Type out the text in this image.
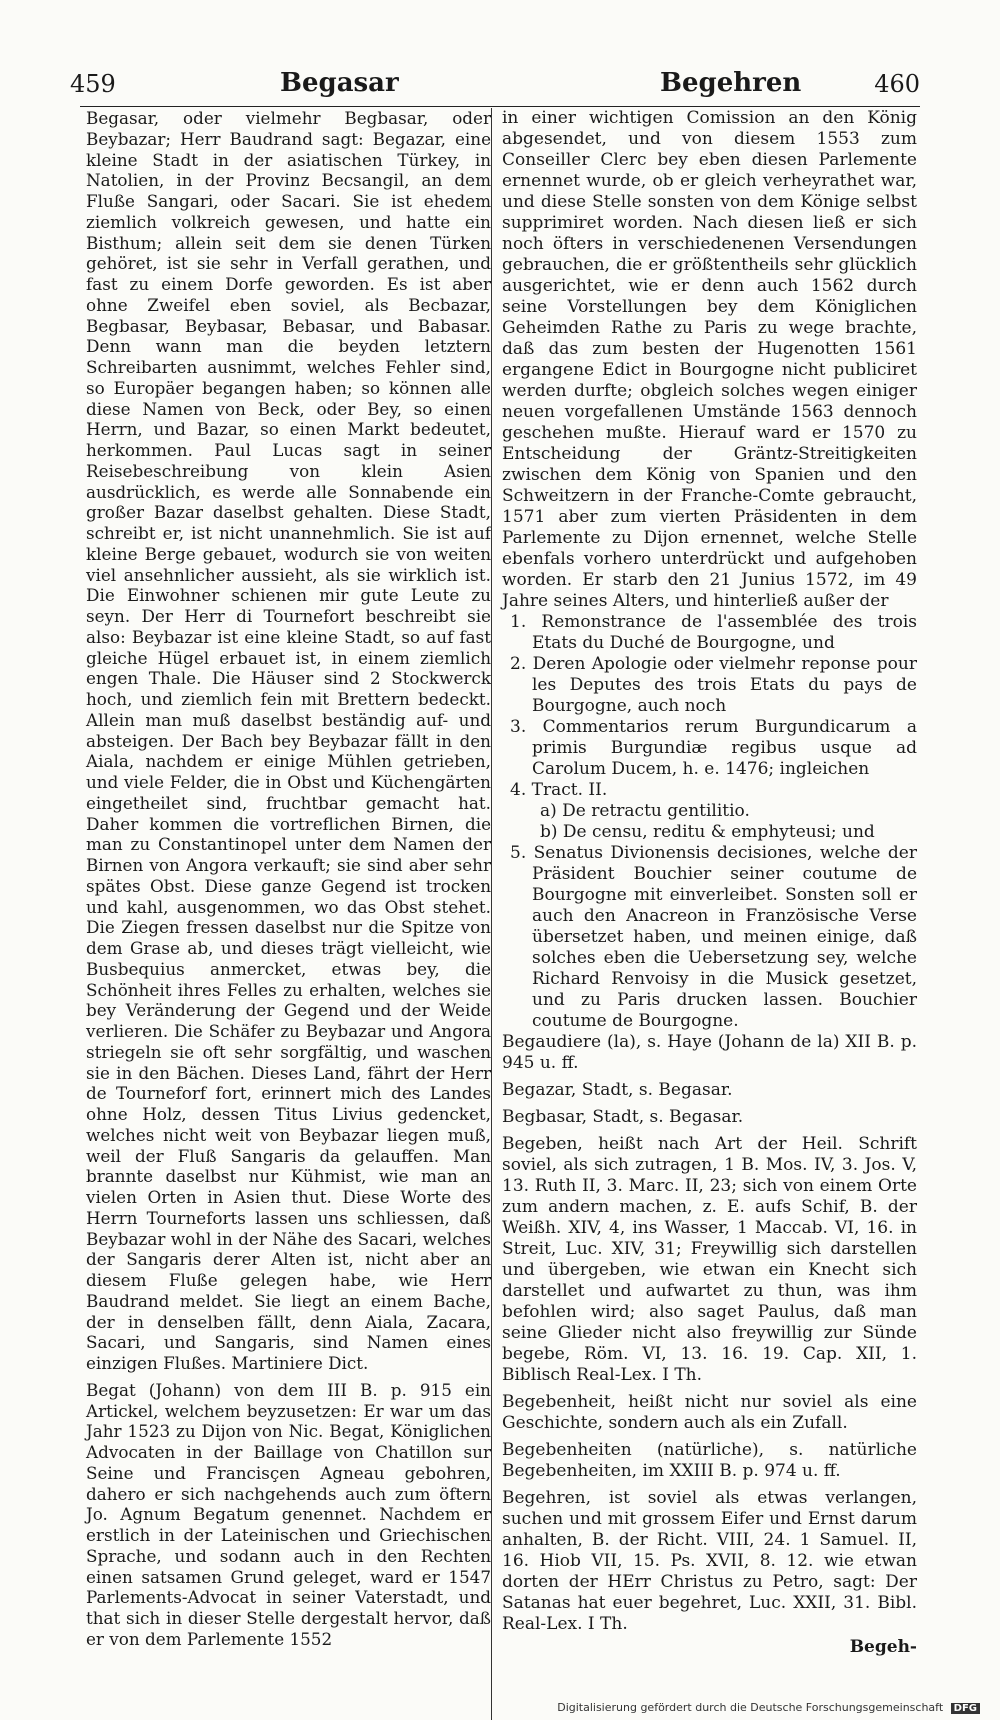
459	Begasar	Begehren	460

Begasar, oder vielmehr Begbasar, oder Beybazar; Herr Baudrand sagt: Begazar, eine kleine Stadt in der asiatischen Türkey, in Natolien, in der Provinz Becsangil, an dem Fluße Sangari, oder Sacari. Sie ist ehedem ziemlich volkreich gewesen, und hatte ein Bisthum; allein seit dem sie denen Türken gehöret, ist sie sehr in Verfall gerathen, und fast zu einem Dorfe geworden. Es ist aber ohne Zweifel eben soviel, als Becbazar, Begbasar, Beybasar, Bebasar, und Babasar. Denn wann man die beyden letztern Schreibarten ausnimmt, welches Fehler sind, so Europäer begangen haben; so können alle diese Namen von Beck, oder Bey, so einen Herrn, und Bazar, so einen Markt bedeutet, herkommen. Paul Lucas sagt in seiner Reisebeschreibung von klein Asien ausdrücklich, es werde alle Sonnabende ein großer Bazar daselbst gehalten. Diese Stadt, schreibt er, ist nicht unannehmlich. Sie ist auf kleine Berge gebauet, wodurch sie von weiten viel ansehnlicher aussieht, als sie wirklich ist. Die Einwohner schienen mir gute Leute zu seyn. Der Herr di Tournefort beschreibt sie also: Beybazar ist eine kleine Stadt, so auf fast gleiche Hügel erbauet ist, in einem ziemlich engen Thale. Die Häuser sind 2 Stockwerck hoch, und ziemlich fein mit Brettern bedeckt. Allein man muß daselbst beständig auf- und absteigen. Der Bach bey Beybazar fällt in den Aiala, nachdem er einige Mühlen getrieben, und viele Felder, die in Obst und Küchengärten eingetheilet sind, fruchtbar gemacht hat. Daher kommen die vortreflichen Birnen, die man zu Constantinopel unter dem Namen der Birnen von Angora verkauft; sie sind aber sehr spätes Obst. Diese ganze Gegend ist trocken und kahl, ausgenommen, wo das Obst stehet. Die Ziegen fressen daselbst nur die Spitze von dem Grase ab, und dieses trägt vielleicht, wie Busbequius anmercket, etwas bey, die Schönheit ihres Felles zu erhalten, welches sie bey Veränderung der Gegend und der Weide verlieren. Die Schäfer zu Beybazar und Angora striegeln sie oft sehr sorgfältig, und waschen sie in den Bächen. Dieses Land, fährt der Herr de Tourneforf fort, erinnert mich des Landes ohne Holz, dessen Titus Livius gedencket, welches nicht weit von Beybazar liegen muß, weil der Fluß Sangaris da gelauffen. Man brannte daselbst nur Kühmist, wie man an vielen Orten in Asien thut. Diese Worte des Herrn Tourneforts lassen uns schliessen, daß Beybazar wohl in der Nähe des Sacari, welches der Sangaris derer Alten ist, nicht aber an diesem Fluße gelegen habe, wie Herr Baudrand meldet. Sie liegt an einem Bache, der in denselben fällt, denn Aiala, Zacara, Sacari, und Sangaris, sind Namen eines einzigen Flußes. Martiniere Dict.

Begat (Johann) von dem III B. p. 915 ein Artickel, welchem beyzusetzen: Er war um das Jahr 1523 zu Dijon von Nic. Begat, Königlichen Advocaten in der Baillage von Chatillon sur Seine und Francisçen Agneau gebohren, dahero er sich nachgehends auch zum öftern Jo. Agnum Begatum genennet. Nachdem er erstlich in der Lateinischen und Griechischen Sprache, und sodann auch in den Rechten einen satsamen Grund geleget, ward er 1547 Parlements-Advocat in seiner Vaterstadt, und that sich in dieser Stelle dergestalt hervor, daß er von dem Parlemente 1552

in einer wichtigen Comission an den König abgesendet, und von diesem 1553 zum Conseiller Clerc bey eben diesen Parlemente ernennet wurde, ob er gleich verheyrathet war, und diese Stelle sonsten von dem Könige selbst supprimiret worden. Nach diesen ließ er sich noch öfters in verschiedenenen Versendungen gebrauchen, die er größtentheils sehr glücklich ausgerichtet, wie er denn auch 1562 durch seine Vorstellungen bey dem Königlichen Geheimden Rathe zu Paris zu wege brachte, daß das zum besten der Hugenotten 1561 ergangene Edict in Bourgogne nicht publiciret werden durfte; obgleich solches wegen einiger neuen vorgefallenen Umstände 1563 dennoch geschehen mußte. Hierauf ward er 1570 zu Entscheidung der Gräntz-Streitigkeiten zwischen dem König von Spanien und den Schweitzern in der Franche-Comte gebraucht, 1571 aber zum vierten Präsidenten in dem Parlemente zu Dijon ernennet, welche Stelle ebenfals vorhero unterdrückt und aufgehoben worden. Er starb den 21 Junius 1572, im 49 Jahre seines Alters, und hinterließ außer der

1. Remonstrance de l'assemblée des trois Etats du Duché de Bourgogne, und
2. Deren Apologie oder vielmehr reponse pour les Deputes des trois Etats du pays de Bourgogne, auch noch
3. Commentarios rerum Burgundicarum a primis Burgundiæ regibus usque ad Carolum Ducem, h. e. 1476; ingleichen
4. Tract. II.
a) De retractu gentilitio.
b) De censu, reditu & emphyteusi; und
5. Senatus Divionensis decisiones, welche der Präsident Bouchier seiner coutume de Bourgogne mit einverleibet. Sonsten soll er auch den Anacreon in Französische Verse übersetzet haben, und meinen einige, daß solches eben die Uebersetzung sey, welche Richard Renvoisy in die Musick gesetzet, und zu Paris drucken lassen. Bouchier coutume de Bourgogne.

Begaudiere (la), s. Haye (Johann de la) XII B. p. 945 u. ff.

Begazar, Stadt, s. Begasar.

Begbasar, Stadt, s. Begasar.

Begeben, heißt nach Art der Heil. Schrift soviel, als sich zutragen, 1 B. Mos. IV, 3. Jos. V, 13. Ruth II, 3. Marc. II, 23; sich von einem Orte zum andern machen, z. E. aufs Schif, B. der Weißh. XIV, 4, ins Wasser, 1 Maccab. VI, 16. in Streit, Luc. XIV, 31; Freywillig sich darstellen und übergeben, wie etwan ein Knecht sich darstellet und aufwartet zu thun, was ihm befohlen wird; also saget Paulus, daß man seine Glieder nicht also freywillig zur Sünde begebe, Röm. VI, 13. 16. 19. Cap. XII, 1. Biblisch Real-Lex. I Th.

Begebenheit, heißt nicht nur soviel als eine Geschichte, sondern auch als ein Zufall.

Begebenheiten (natürliche), s. natürliche Begebenheiten, im XXIII B. p. 974 u. ff.

Begehren, ist soviel als etwas verlangen, suchen und mit grossem Eifer und Ernst darum anhalten, B. der Richt. VIII, 24. 1 Samuel. II, 16. Hiob VII, 15. Ps. XVII, 8. 12. wie etwan dorten der HErr Christus zu Petro, sagt: Der Satanas hat euer begehret, Luc. XXII, 31. Bibl. Real-Lex. I Th.

Begeh-
Digitalisierung gefördert durch die Deutsche Forschungsgemeinschaft DFG
